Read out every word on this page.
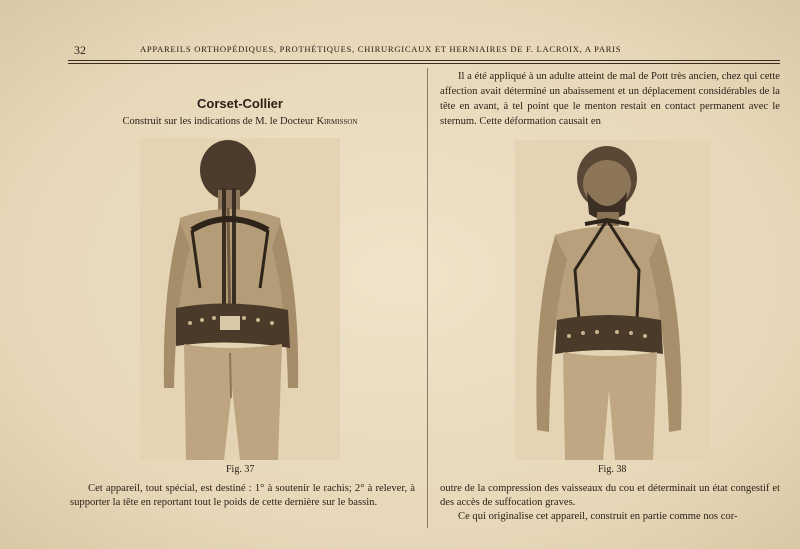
32	APPAREILS ORTHOPÉDIQUES, PROTHÉTIQUES, CHIRURGICAUX ET HERNIAIRES DE F. LACROIX, A PARIS
Corset-Collier
Construit sur les indications de M. le Docteur Kirmisson
Fig. 37

Cet appareil, tout spécial, est destiné : 1° à soutenir le rachis; 2° à relever, à supporter la tête en reportant tout le poids de cette dernière sur le bassin.

Il a été appliqué à un adulte atteint de mal de Pott très ancien, chez qui cette affection avait déterminé un abaissement et un déplacement considérables de la tête en avant, à tel point que le menton restait en contact permanent avec le sternum. Cette déformation causait en

Fig. 38

outre de la compression des vaisseaux du cou et déterminait un état congestif et des accès de suffocation graves.

Ce qui originalise cet appareil, construit en partie comme nos cor-
